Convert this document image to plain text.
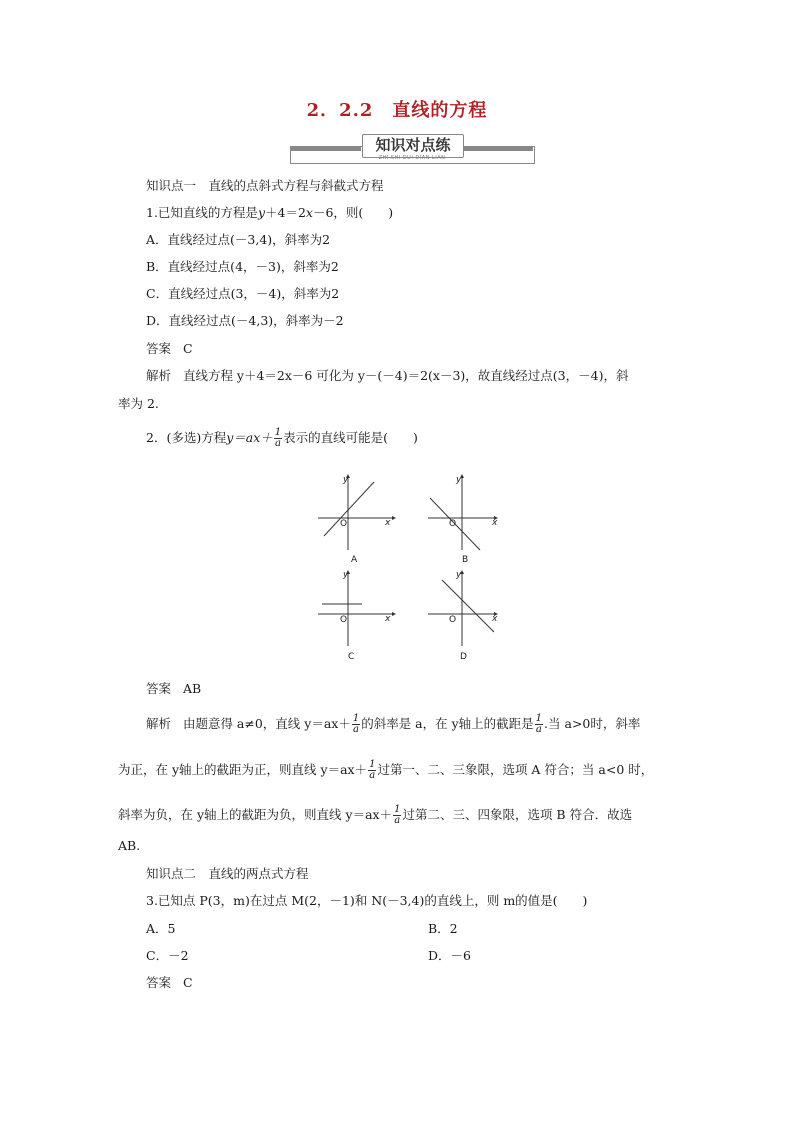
2．2.2　直线的方程
知识对点练
ZHI SHI DUI DIAN LIAN
知识点一　直线的点斜式方程与斜截式方程
1.已知直线的方程是y＋4＝2x－6，则(　　)
A．直线经过点(－3,4)，斜率为2
B．直线经过点(4，－3)，斜率为2
C．直线经过点(3，－4)，斜率为2
D．直线经过点(－4,3)，斜率为－2
答案 C
解析 直线方程 y＋4＝2x－6 可化为 y－(－4)＝2(x－3)，故直线经过点(3，－4)，斜
率为 2.
2．(多选)方程$y=ax+ \frac{1}{a}$ 表示的直线可能是(　　)
y
x
O
A
y
x
O
B
y
x
O
C
y
x
O
D
答案 AB
解析 由题意得 a≠0，直线 $y=ax+ \frac{1}{a}$ 的斜率是 a，在 y轴上的截距是 $\frac{1}{a}$ .当 a>0时，斜率
为正，在 y轴上的截距为正，则直线 $y=ax+ \frac{1}{a}$ 过第一、二、三象限，选项 A 符合；当 a<0 时，
斜率为负，在 y轴上的截距为负，则直线 $y=ax+ \frac{1}{a}$ 过第二、三、四象限，选项 B 符合．故选
AB.
知识点二　直线的两点式方程
3.已知点 P(3，m)在过点 M(2，－1)和 N(－3,4)的直线上，则 m的值是(　　)
A．5	B．2
C．－2	D．－6
答案 C
